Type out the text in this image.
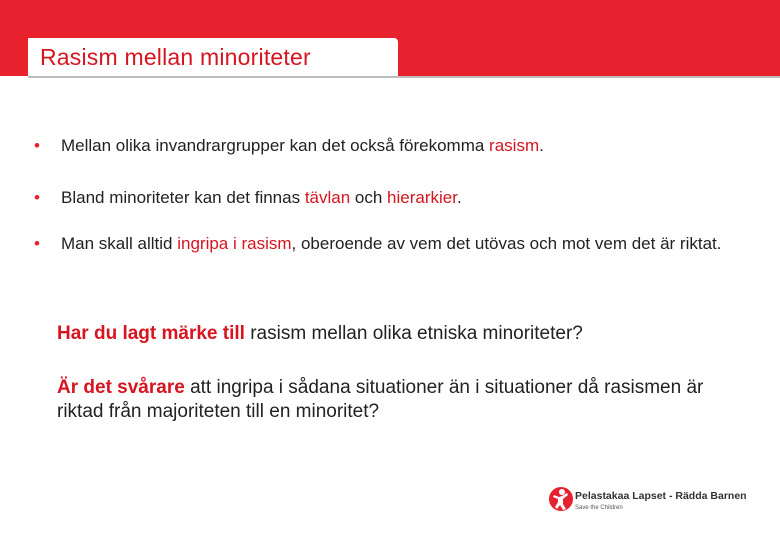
Rasism mellan minoriteter
• Mellan olika invandrargrupper kan det också förekomma rasism.
• Bland minoriteter kan det finnas tävlan och hierarkier.
• Man skall alltid ingripa i rasism, oberoende av vem det utövas och mot vem det är riktat.

Har du lagt märke till rasism mellan olika etniska minoriteter?

Är det svårare att ingripa i sådana situationer än i situationer då rasismen är riktad från majoriteten till en minoritet?

Pelastakaa Lapset - Rädda Barnen
Save the Children
